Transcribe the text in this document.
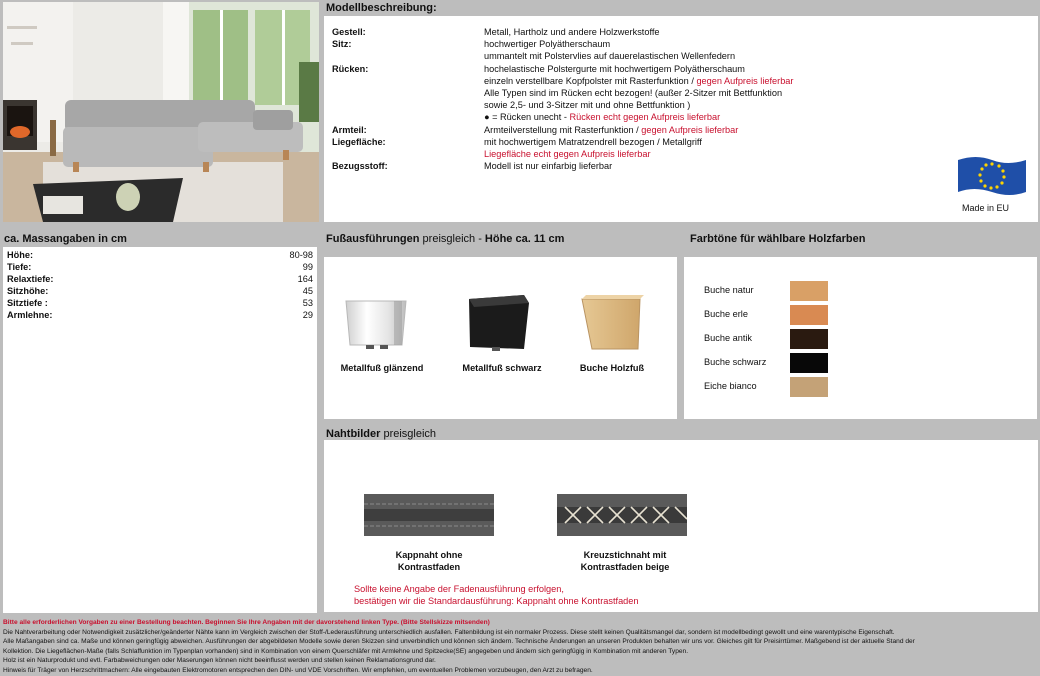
Modellbeschreibung:
Gestell:	Metall, Hartholz und andere Holzwerkstoffe
Sitz:	hochwertiger Polyätherschaum
ummantelt mit Polstervlies auf dauerelastischen Wellenfedern
Rücken:	hochelastische Polstergurte mit hochwertigem Polyätherschaum
einzeln verstellbare Kopfpolster mit Rasterfunktion / gegen Aufpreis lieferbar
Alle Typen sind im Rücken echt bezogen! (außer 2-Sitzer mit Bettfunktion
sowie 2,5- und 3-Sitzer mit und ohne Bettfunktion )
● = Rücken unecht - Rücken echt gegen Aufpreis lieferbar
Armteil:	Armteilverstellung mit Rasterfunktion / gegen Aufpreis lieferbar
Liegefläche:	mit hochwertigem Matratzendrell bezogen / Metallgriff
Liegefläche echt gegen Aufpreis lieferbar
Bezugsstoff:	Modell ist nur einfarbig lieferbar
Made in EU
ca. Massangaben in cm
Höhe:	80-98
Tiefe:	99
Relaxtiefe:	164
Sitzhöhe:	45
Sitztiefe :	53
Armlehne:	29
Fußausführungen preisgleich - Höhe ca. 11 cm
Metallfuß glänzend	Metallfuß schwarz	Buche Holzfuß
Farbtöne für wählbare Holzfarben
Buche natur
Buche erle
Buche antik
Buche schwarz
Eiche bianco
Nahtbilder preisgleich
Kappnaht ohne
Kontrastfaden
Kreuzstichnaht mit
Kontrastfaden beige
Sollte keine Angabe der Fadenausführung erfolgen,
bestätigen wir die Standardausführung: Kappnaht ohne Kontrastfaden
Bitte alle erforderlichen Vorgaben zu einer Bestellung beachten. Beginnen Sie Ihre Angaben mit der davorstehend linken Type. (Bitte Stellskizze mitsenden)
Die Nahtverarbeitung oder Notwendigkeit zusätzlicher/geänderter Nähte kann im Vergleich zwischen der Stoff-/Lederausführung unterschiedlich ausfallen. Faltenbildung ist ein normaler Prozess. Diese stellt keinen Qualitätsmangel dar, sondern ist modellbedingt gewollt und eine warentypische Eigenschaft.
Alle Maßangaben sind ca. Maße und können geringfügig abweichen. Ausführungen der abgebildeten Modelle sowie deren Skizzen sind unverbindlich und können sich ändern. Technische Änderungen an unseren Produkten behalten wir uns vor. Gleiches gilt für Preisirrtümer. Maßgebend ist der aktuelle Stand der
Kollektion. Die Liegeflächen-Maße (falls Schlaffunktion im Typenplan vorhanden) sind in Kombination von einem Querschläfer mit Armlehne und Spitzecke(SE) angegeben und ändern sich geringfügig in Kombination mit anderen Typen.
Holz ist ein Naturprodukt und evtl. Farbabweichungen oder Maserungen können nicht beeinflusst werden und stellen keinen Reklamationsgrund dar.
Hinweis für Träger von Herzschrittmachern: Alle eingebauten Elektromotoren entsprechen den DIN- und VDE Vorschriften. Wir empfehlen, um eventuellen Problemen vorzubeugen, den Arzt zu befragen.
